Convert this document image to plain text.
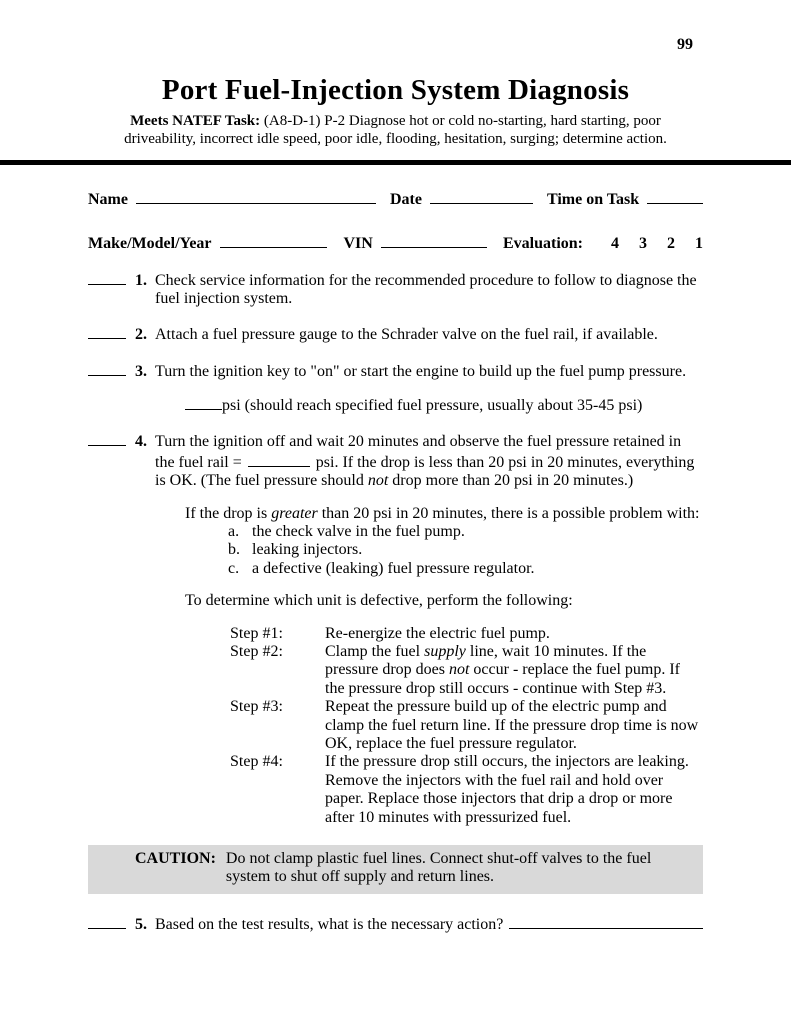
99
Port Fuel-Injection System Diagnosis

Meets NATEF Task: (A8-D-1) P-2 Diagnose hot or cold no-starting, hard starting, poor driveability, incorrect idle speed, poor idle, flooding, hesitation, surging; determine action.

Name	Date	Time on Task
Make/Model/Year	VIN	Evaluation: 4 3 2 1
1. Check service information for the recommended procedure to follow to diagnose the fuel injection system.
2. Attach a fuel pressure gauge to the Schrader valve on the fuel rail, if available.
3. Turn the ignition key to "on" or start the engine to build up the fuel pump pressure.
psi (should reach specified fuel pressure, usually about 35-45 psi)
4. Turn the ignition off and wait 20 minutes and observe the fuel pressure retained in the fuel rail =	psi. If the drop is less than 20 psi in 20 minutes, everything is OK. (The fuel pressure should not drop more than 20 psi in 20 minutes.)
If the drop is greater than 20 psi in 20 minutes, there is a possible problem with:
a. the check valve in the fuel pump.
b. leaking injectors.
c. a defective (leaking) fuel pressure regulator.
To determine which unit is defective, perform the following:
Step #1:	Re-energize the electric fuel pump.
Step #2:	Clamp the fuel supply line, wait 10 minutes. If the pressure drop does not occur - replace the fuel pump. If the pressure drop still occurs - continue with Step #3.
Step #3:	Repeat the pressure build up of the electric pump and clamp the fuel return line. If the pressure drop time is now OK, replace the fuel pressure regulator.
Step #4:	If the pressure drop still occurs, the injectors are leaking. Remove the injectors with the fuel rail and hold over paper. Replace those injectors that drip a drop or more after 10 minutes with pressurized fuel.
CAUTION: Do not clamp plastic fuel lines. Connect shut-off valves to the fuel system to shut off supply and return lines.
5. Based on the test results, what is the necessary action?
